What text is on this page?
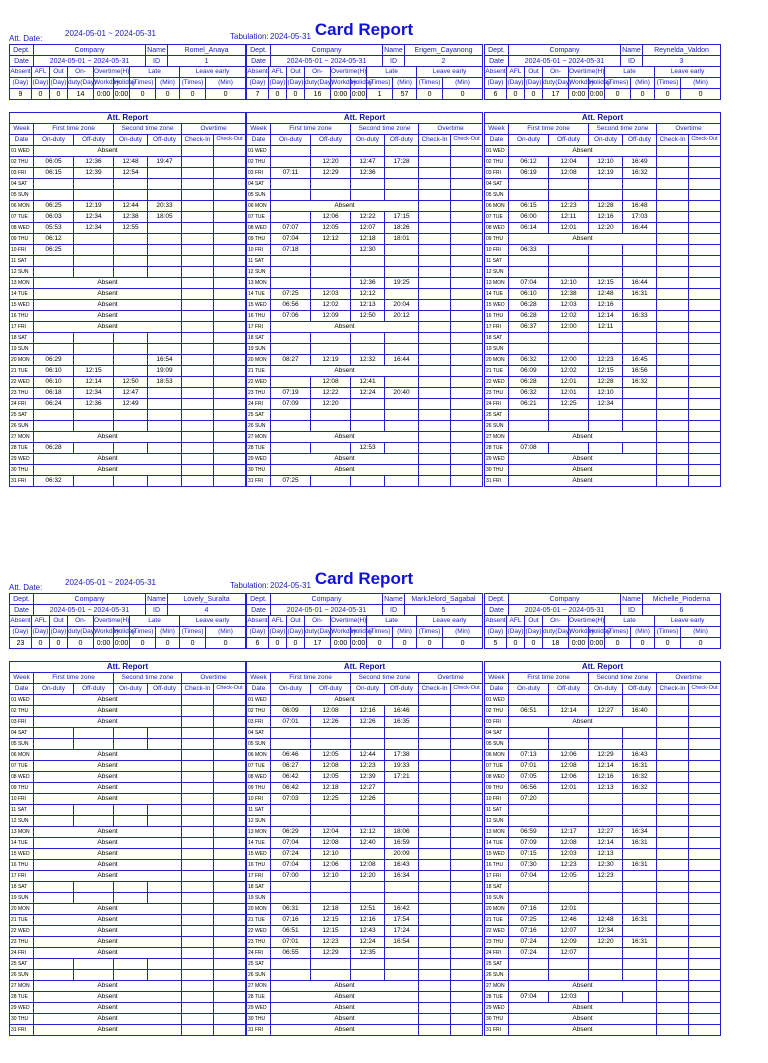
Card Report
Att. Date:
2024-05-01 ~ 2024-05-31	Tabulation: 2024-05-31
Dept.	Company	Name	Romel_Anaya
Date	2024-05-01 ~ 2024-05-31	ID	1
Absent	AFL	Out	On-	Overtime(H)		Late		Leave early	
(Day)	(Day)	(Day)	duty(Day)	Workday	Holiday	(Times)	(Min)	(Times)	(Min)
9	0	0	14	0:00	0:00	0	0	0	0
Att. Report						
Week	First time zone		Second time zone		Overtime	
Date	On-duty	Off-duty	On-duty	Off-duty	Check-In	Check-Out
01 WED	Absent					
02 THU	06:05	12:36	12:48	19:47		
03 FRI	06:15	12:39	12:54			
04 SAT						
05 SUN						
06 MON	06:25	12:19	12:44	20:33		
07 TUE	06:03	12:34	12:38	18:05		
08 WED	05:53	12:34	12:55			
09 THU	06:12					
10 FRI	06:25					
11 SAT						
12 SUN						
13 MON	Absent					
14 TUE	Absent					
15 WED	Absent					
16 THU	Absent					
17 FRI	Absent					
18 SAT						
19 SUN						
20 MON	06:29			16:54		
21 TUE	06:10	12:15		19:09		
22 WED	06:10	12:14	12:50	18:53		
23 THU	06:18	12:34	12:47			
24 FRI	06:24	12:36	12:49			
25 SAT						
26 SUN						
27 MON	Absent					
28 TUE	06:28					
29 WED	Absent					
30 THU	Absent					
31 FRI	06:32					
Dept.	Company	Name	Erigem_Cayanong
Date	2024-05-01 ~ 2024-05-31	ID	2
Absent	AFL	Out	On-	Overtime(H)		Late		Leave early	
(Day)	(Day)	(Day)	duty(Day)	Workday	Holiday	(Times)	(Min)	(Times)	(Min)
7	0	0	16	0:00	0:00	1	57	0	0
Att. Report						
Week	First time zone		Second time zone		Overtime	
Date	On-duty	Off-duty	On-duty	Off-duty	Check-In	Check-Out
01 WED						
02 THU		12:20	12:47	17:28		
03 FRI	07:11	12:29	12:36			
04 SAT						
05 SUN						
06 MON	Absent					
07 TUE		12:06	12:22	17:15		
08 WED	07:07	12:05	12:07	18:26		
09 THU	07:04	12:12	12:18	18:01		
10 FRI	07:18		12:30			
11 SAT						
12 SUN						
13 MON			12:36	19:25		
14 TUE	07:25	12:03	12:12			
15 WED	06:56	12:02	12:13	20:04		
16 THU	07:06	12:09	12:50	20:12		
17 FRI	Absent					
18 SAT						
19 SUN						
20 MON	08:27	12:19	12:32	16:44		
21 TUE	Absent					
22 WED		12:08	12:41			
23 THU	07:19	12:22	12:24	20:40		
24 FRI	07:09	12:20				
25 SAT						
26 SUN						
27 MON	Absent					
28 TUE			12:53			
29 WED	Absent					
30 THU	Absent					
31 FRI	07:25					
Dept.	Company	Name	Reynelda_Valdon
Date	2024-05-01 ~ 2024-05-31	ID	3
Absent	AFL	Out	On-	Overtime(H)		Late		Leave early	
(Day)	(Day)	(Day)	duty(Day)	Workday	Holiday	(Times)	(Min)	(Times)	(Min)
6	0	0	17	0:00	0:00	0	0	0	0
Att. Report						
Week	First time zone		Second time zone		Overtime	
Date	On-duty	Off-duty	On-duty	Off-duty	Check-In	Check-Out
01 WED	Absent					
02 THU	06:12	12:04	12:10	16:49		
03 FRI	06:19	12:08	12:19	16:32		
04 SAT						
05 SUN						
06 MON	06:15	12:23	12:28	16:48		
07 TUE	06:00	12:11	12:16	17:03		
08 WED	06:14	12:01	12:20	16:44		
09 THU	Absent					
10 FRI	06:33					
11 SAT						
12 SUN						
13 MON	07:04	12:10	12:15	16:44		
14 TUE	06:10	12:38	12:48	16:31		
15 WED	06:28	12:03	12:16			
16 THU	06:28	12:02	12:14	16:33		
17 FRI	06:37	12:00	12:11			
18 SAT						
19 SUN						
20 MON	06:32	12:00	12:23	16:45		
21 TUE	06:09	12:02	12:15	16:56		
22 WED	06:28	12:01	12:28	16:32		
23 THU	06:32	12:01	12:10			
24 FRI	06:21	12:25	12:34			
25 SAT						
26 SUN						
27 MON	Absent					
28 TUE	07:08					
29 WED	Absent					
30 THU	Absent					
31 FRI	Absent					
Card Report
Att. Date:
2024-05-01 ~ 2024-05-31	Tabulation: 2024-05-31
Dept.	Company	Name	Lovely_Suralta
Date	2024-05-01 ~ 2024-05-31	ID	4
Absent	AFL	Out	On-	Overtime(H)		Late		Leave early	
(Day)	(Day)	(Day)	duty(Day)	Workday	Holiday	(Times)	(Min)	(Times)	(Min)
23	0	0	0	0:00	0:00	0	0	0	0
Att. Report						
Week	First time zone		Second time zone		Overtime	
Date	On-duty	Off-duty	On-duty	Off-duty	Check-In	Check-Out
01 WED	Absent					
02 THU	Absent					
03 FRI	Absent					
04 SAT						
05 SUN						
06 MON	Absent					
07 TUE	Absent					
08 WED	Absent					
09 THU	Absent					
10 FRI	Absent					
11 SAT						
12 SUN						
13 MON	Absent					
14 TUE	Absent					
15 WED	Absent					
16 THU	Absent					
17 FRI	Absent					
18 SAT						
19 SUN						
20 MON	Absent					
21 TUE	Absent					
22 WED	Absent					
23 THU	Absent					
24 FRI	Absent					
25 SAT						
26 SUN						
27 MON	Absent					
28 TUE	Absent					
29 WED	Absent					
30 THU	Absent					
31 FRI	Absent					
Dept.	Company	Name	MarkJelord_Sagabal
Date	2024-05-01 ~ 2024-05-31	ID	5
Absent	AFL	Out	On-	Overtime(H)		Late		Leave early	
(Day)	(Day)	(Day)	duty(Day)	Workday	Holiday	(Times)	(Min)	(Times)	(Min)
6	0	0	17	0:00	0:00	0	0	0	0
Att. Report						
Week	First time zone		Second time zone		Overtime	
Date	On-duty	Off-duty	On-duty	Off-duty	Check-In	Check-Out
01 WED	Absent					
02 THU	06:09	12:08	12:16	16:46		
03 FRI	07:01	12:26	12:26	16:35		
04 SAT						
05 SUN						
06 MON	06:46	12:05	12:44	17:38		
07 TUE	06:27	12:08	12:23	19:33		
08 WED	06:42	12:05	12:39	17:21		
09 THU	06:42	12:18	12:27			
10 FRI	07:03	12:25	12:26			
11 SAT						
12 SUN						
13 MON	06:29	12:04	12:12	18:06		
14 TUE	07:04	12:08	12:40	16:59		
15 WED	07:24	12:10		20:09		
16 THU	07:04	12:06	12:08	16:43		
17 FRI	07:00	12:10	12:20	16:34		
18 SAT						
19 SUN						
20 MON	06:31	12:18	12:51	16:42		
21 TUE	07:16	12:15	12:16	17:54		
22 WED	06:51	12:15	12:43	17:24		
23 THU	07:01	12:23	12:24	16:54		
24 FRI	06:55	12:29	12:35			
25 SAT						
26 SUN						
27 MON	Absent					
28 TUE	Absent					
29 WED	Absent					
30 THU	Absent					
31 FRI	Absent					
Dept.	Company	Name	Michelle_Pioderna
Date	2024-05-01 ~ 2024-05-31	ID	6
Absent	AFL	Out	On-	Overtime(H)		Late		Leave early	
(Day)	(Day)	(Day)	duty(Day)	Workday	Holiday	(Times)	(Min)	(Times)	(Min)
5	0	0	18	0:00	0:00	0	0	0	0
Att. Report						
Week	First time zone		Second time zone		Overtime	
Date	On-duty	Off-duty	On-duty	Off-duty	Check-In	Check-Out
01 WED						
02 THU	06:51	12:14	12:27	16:40		
03 FRI	Absent					
04 SAT						
05 SUN						
06 MON	07:13	12:06	12:29	16:43		
07 TUE	07:01	12:08	12:14	16:31		
08 WED	07:05	12:06	12:16	16:32		
09 THU	06:56	12:01	12:13	16:32		
10 FRI	07:20					
11 SAT						
12 SUN						
13 MON	06:59	12:17	12:27	16:34		
14 TUE	07:09	12:08	12:14	16:31		
15 WED	07:15	12:03	12:13			
16 THU	07:30	12:23	12:30	16:31		
17 FRI	07:04	12:05	12:23			
18 SAT						
19 SUN						
20 MON	07:16	12:01				
21 TUE	07:25	12:46	12:48	16:31		
22 WED	07:16	12:07	12:34			
23 THU	07:24	12:09	12:20	16:31		
24 FRI	07:24	12:07				
25 SAT						
26 SUN						
27 MON	Absent					
28 TUE	07:04	12:03				
29 WED	Absent					
30 THU	Absent					
31 FRI	Absent					
